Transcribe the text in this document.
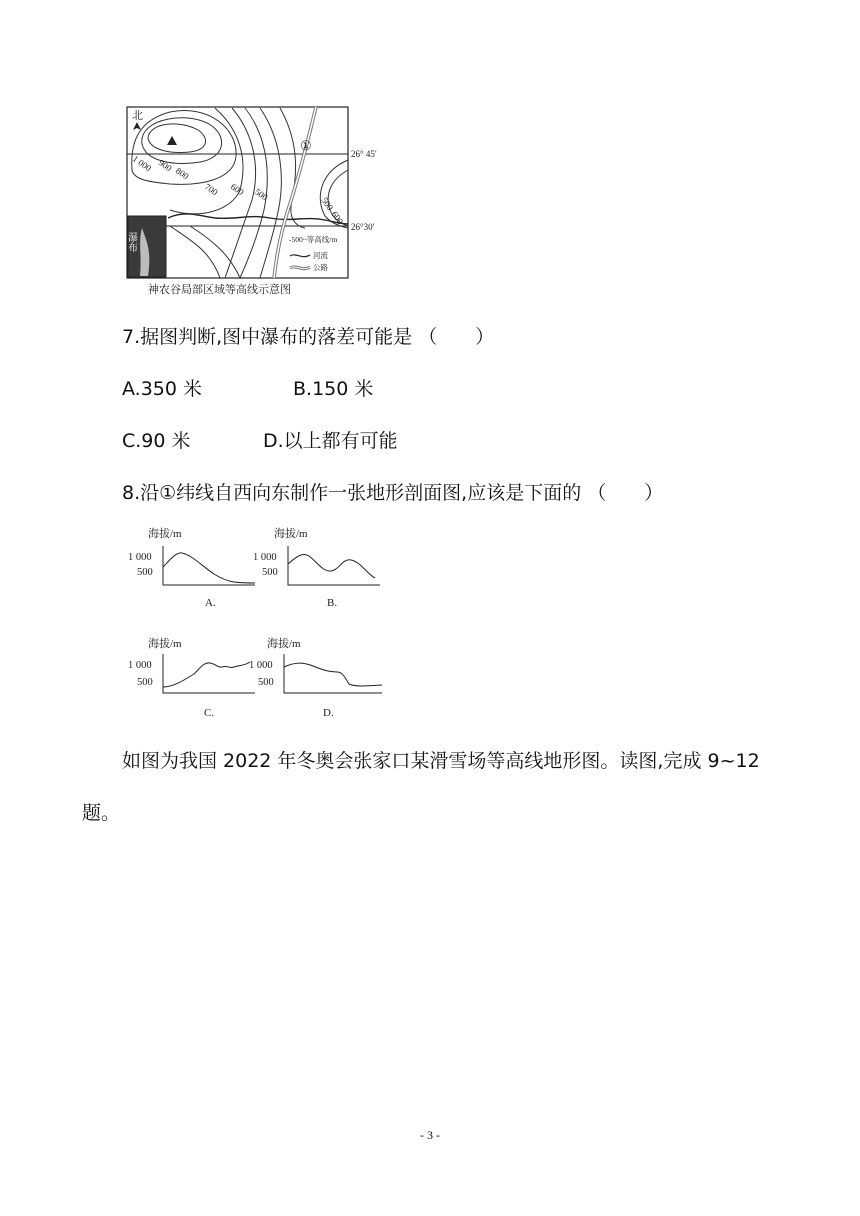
北
①
1 000 900
800
700 600 500
500
600
26° 45′
26°30′
瀑布	-500~等高线/m
河流
公路
神农谷局部区域等高线示意图
7.据图判断,图中瀑布的落差可能是 （　　）
A.350 米	B.150 米
C.90 米	D.以上都有可能
8.沿①纬线自西向东制作一张地形剖面图,应该是下面的 （　　）
海拔/m
1 000
500
A.
海拔/m
1 000
500
B.
海拔/m
1 000
500
C.
海拔/m
1 000
500
D.
如图为我国 2022 年冬奥会张家口某滑雪场等高线地形图。读图,完成 9~12
题。
- 3 -
